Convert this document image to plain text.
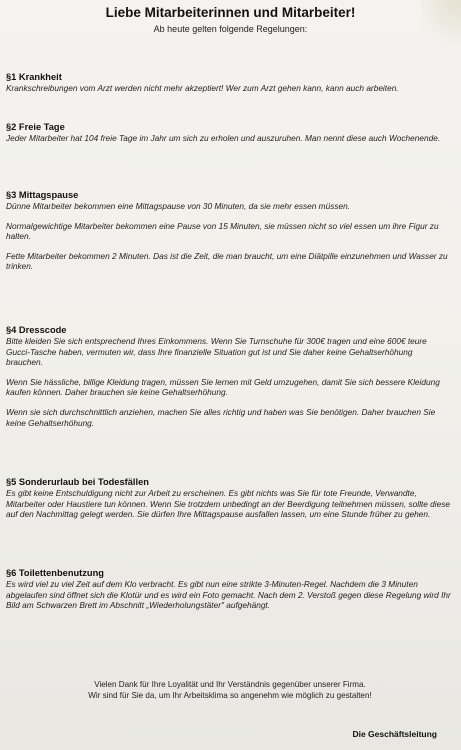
Liebe Mitarbeiterinnen und Mitarbeiter!
Ab heute gelten folgende Regelungen:
§1 Krankheit

Krankschreibungen vom Arzt werden nicht mehr akzeptiert! Wer zum Arzt gehen kann, kann auch arbeiten.

§2 Freie Tage

Jeder Mitarbeiter hat 104 freie Tage im Jahr um sich zu erholen und auszuruhen. Man nennt diese auch Wochenende.

§3 Mittagspause

Dünne Mitarbeiter bekommen eine Mittagspause von 30 Minuten, da sie mehr essen müssen.

Normalgewichtige Mitarbeiter bekommen eine Pause von 15 Minuten, sie müssen nicht so viel essen um ihre Figur zu halten.

Fette Mitarbeiter bekommen 2 Minuten. Das ist die Zeit, die man braucht, um eine Diätpille einzunehmen und Wasser zu trinken.

§4 Dresscode

Bitte kleiden Sie sich entsprechend Ihres Einkommens. Wenn Sie Turnschuhe für 300€ tragen und eine 600€ teure Gucci-Tasche haben, vermuten wir, dass Ihre finanzielle Situation gut ist und Sie daher keine Gehaltserhöhung brauchen.

Wenn Sie hässliche, billige Kleidung tragen, müssen Sie lernen mit Geld umzugehen, damit Sie sich bessere Kleidung kaufen können. Daher brauchen sie keine Gehaltserhöhung.

Wenn sie sich durchschnittlich anziehen, machen Sie alles richtig und haben was Sie benötigen. Daher brauchen Sie keine Gehaltserhöhung.

§5 Sonderurlaub bei Todesfällen

Es gibt keine Entschuldigung nicht zur Arbeit zu erscheinen. Es gibt nichts was Sie für tote Freunde, Verwandte, Mitarbeiter oder Haustiere tun können. Wenn Sie trotzdem unbedingt an der Beerdigung teilnehmen müssen, sollte diese auf den Nachmittag gelegt werden. Sie dürfen Ihre Mittagspause ausfallen lassen, um eine Stunde früher zu gehen.

§6 Toilettenbenutzung

Es wird viel zu viel Zeit auf dem Klo verbracht. Es gibt nun eine strikte 3-Minuten-Regel. Nachdem die 3 Minuten abgelaufen sind öffnet sich die Klotür und es wird ein Foto gemacht. Nach dem 2. Verstoß gegen diese Regelung wird Ihr Bild am Schwarzen Brett im Abschnitt „Wiederholungstäter" aufgehängt.

Vielen Dank für Ihre Loyalität und Ihr Verständnis gegenüber unserer Firma.
Wir sind für Sie da, um Ihr Arbeitsklima so angenehm wie möglich zu gestalten!
Die Geschäftsleitung
